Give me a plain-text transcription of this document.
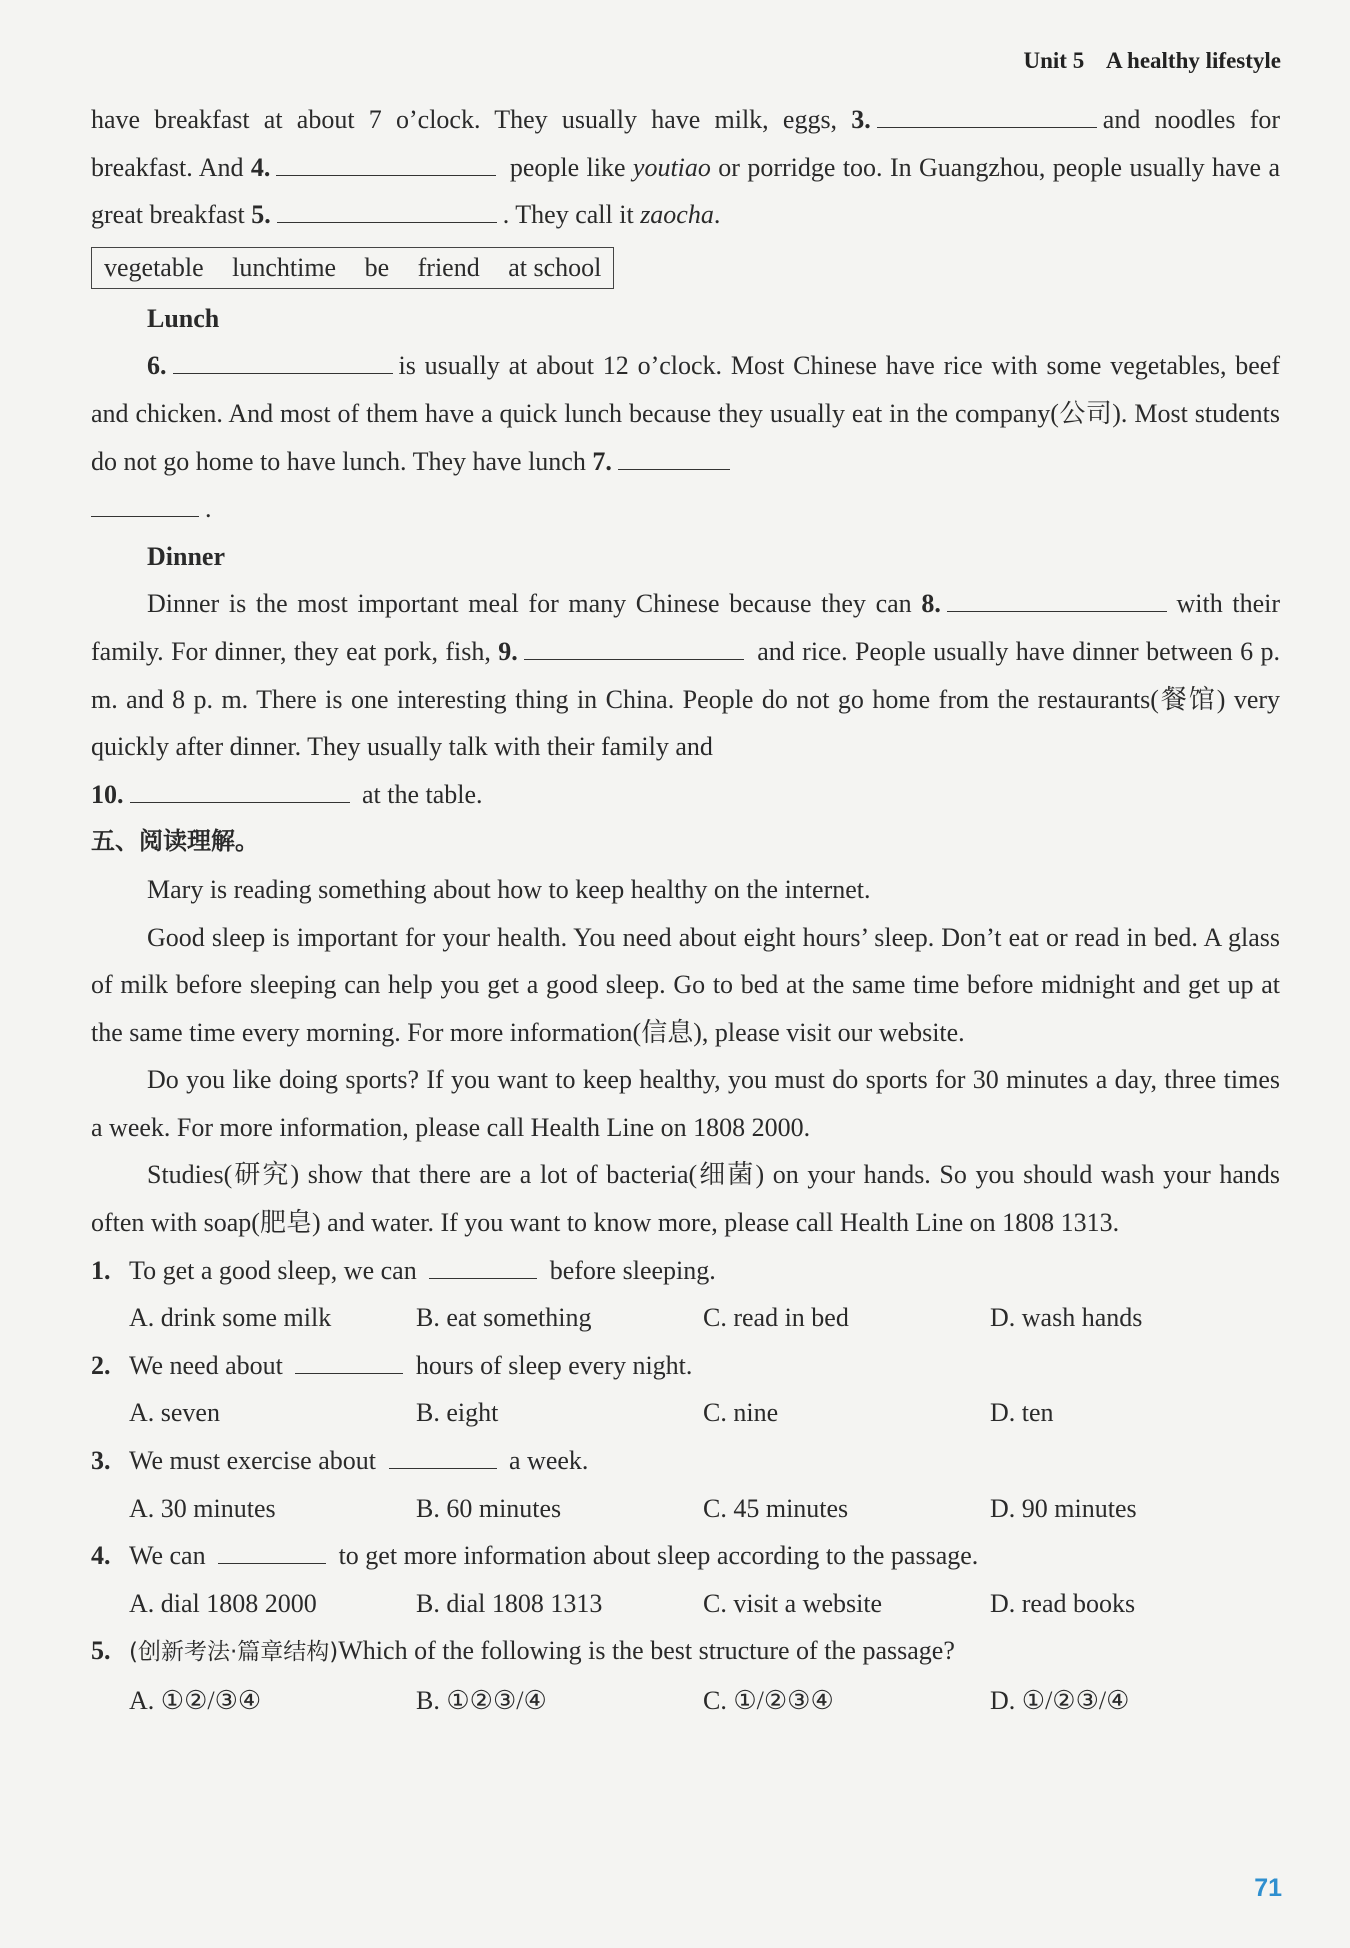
Unit 5 A healthy lifestyle

have breakfast at about 7 o’clock. They usually have milk, eggs, 3.	and noodles for breakfast. And 4.	people like youtiao or porridge too. In Guangzhou, people usually have a great breakfast 5.	. They call it zaocha.

vegetable lunchtime be friend at school

Lunch

6.	is usually at about 12 o’clock. Most Chinese have rice with some vegetables, beef and chicken. And most of them have a quick lunch because they usually eat in the company(公司). Most students do not go home to have lunch. They have lunch 7.

.

Dinner

Dinner is the most important meal for many Chinese because they can 8.	with their family. For dinner, they eat pork, fish, 9.	and rice. People usually have dinner between 6 p. m. and 8 p. m. There is one interesting thing in China. People do not go home from the restaurants(餐馆) very quickly after dinner. They usually talk with their family and

10.	at the table.

五、阅读理解。

Mary is reading something about how to keep healthy on the internet.

Good sleep is important for your health. You need about eight hours’ sleep. Don’t eat or read in bed. A glass of milk before sleeping can help you get a good sleep. Go to bed at the same time before midnight and get up at the same time every morning. For more information(信息), please visit our website.

Do you like doing sports? If you want to keep healthy, you must do sports for 30 minutes a day, three times a week. For more information, please call Health Line on 1808 2000.

Studies(研究) show that there are a lot of bacteria(细菌) on your hands. So you should wash your hands often with soap(肥皂) and water. If you want to know more, please call Health Line on 1808 1313.

1. To get a good sleep, we can	before sleeping.
A. drink some milk	B. eat something	C. read in bed	D. wash hands
2. We need about	hours of sleep every night.
A. seven	B. eight	C. nine	D. ten
3. We must exercise about	a week.
A. 30 minutes	B. 60 minutes	C. 45 minutes	D. 90 minutes
4. We can	to get more information about sleep according to the passage.
A. dial 1808 2000	B. dial 1808 1313	C. visit a website	D. read books
5. (创新考法·篇章结构)Which of the following is the best structure of the passage?
A. ①②/③④	B. ①②③/④	C. ①/②③④	D. ①/②③/④
71
